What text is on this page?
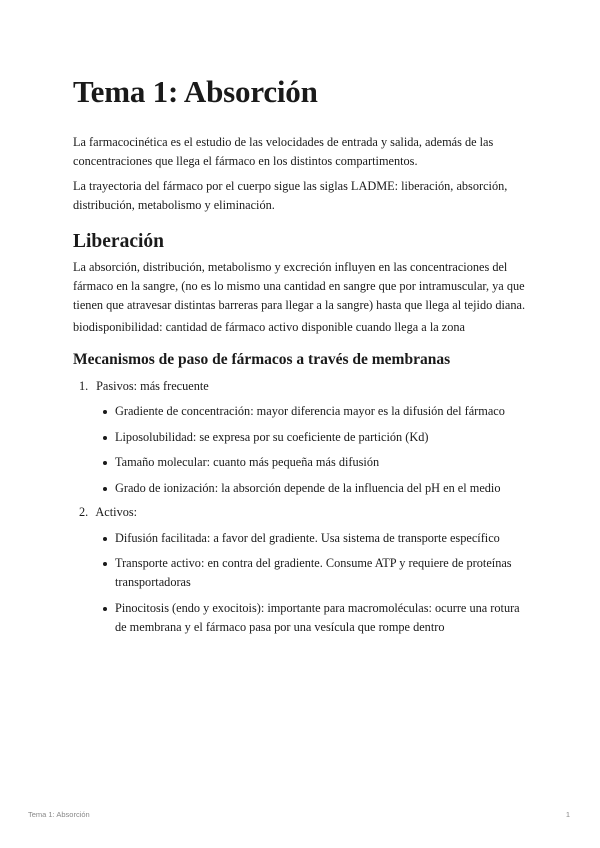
Tema 1: Absorción

La farmacocinética es el estudio de las velocidades de entrada y salida, además de las concentraciones que llega el fármaco en los distintos compartimentos.

La trayectoria del fármaco por el cuerpo sigue las siglas LADME: liberación, absorción, distribución, metabolismo y eliminación.

Liberación

La absorción, distribución, metabolismo y excreción influyen en las concentraciones del fármaco en la sangre, (no es lo mismo una cantidad en sangre que por intramuscular, ya que tienen que atravesar distintas barreras para llegar a la sangre) hasta que llega al tejido diana.

biodisponibilidad: cantidad de fármaco activo disponible cuando llega a la zona

Mecanismos de paso de fármacos a través de membranas
1. Pasivos: más frecuente
Gradiente de concentración: mayor diferencia mayor es la difusión del fármaco
Liposolubilidad: se expresa por su coeficiente de partición (Kd)
Tamaño molecular: cuanto más pequeña más difusión
Grado de ionización: la absorción depende de la influencia del pH en el medio
2. Activos:
Difusión facilitada: a favor del gradiente. Usa sistema de transporte específico
Transporte activo: en contra del gradiente. Consume ATP y requiere de proteínas transportadoras
Pinocitosis (endo y exocitois): importante para macromoléculas: ocurre una rotura de membrana y el fármaco pasa por una vesícula que rompe dentro
Tema 1: Absorción	1
